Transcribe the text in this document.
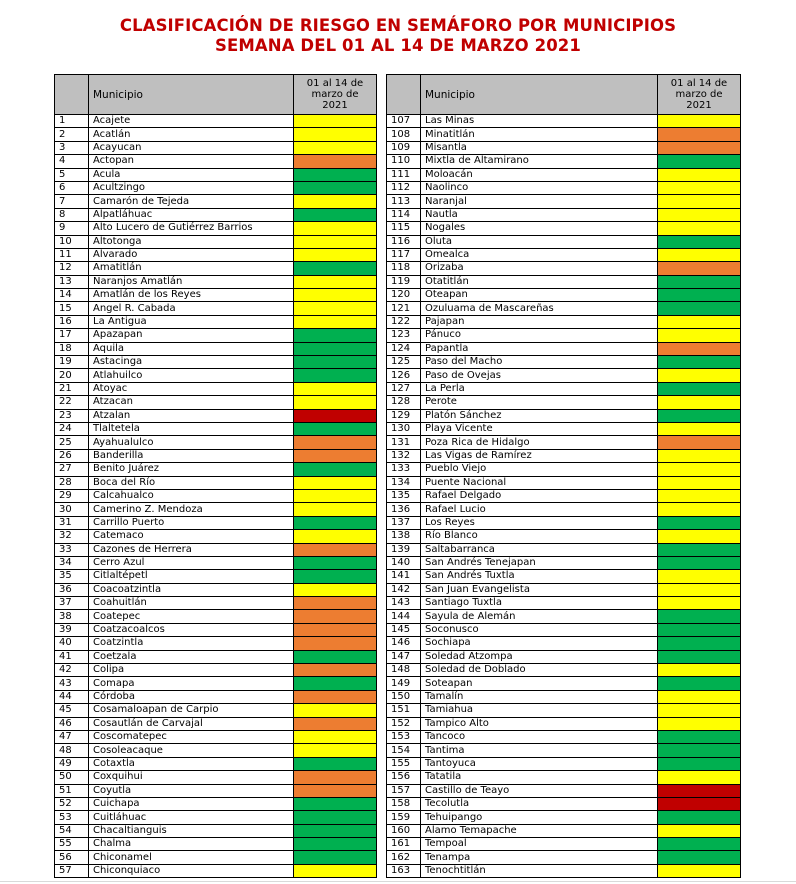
CLASIFICACIÓN DE RIESGO EN SEMÁFORO POR MUNICIPIOS
SEMANA DEL 01 AL 14 DE MARZO 2021
	Municipio	01 al 14 de
marzo de
2021
1	Acajete	
2	Acatlán	
3	Acayucan	
4	Actopan	
5	Acula	
6	Acultzingo	
7	Camarón de Tejeda	
8	Alpatláhuac	
9	Alto Lucero de Gutiérrez Barrios	
10	Altotonga	
11	Alvarado	
12	Amatitlán	
13	Naranjos Amatlán	
14	Amatlán de los Reyes	
15	Angel R. Cabada	
16	La Antigua	
17	Apazapan	
18	Aquila	
19	Astacinga	
20	Atlahuilco	
21	Atoyac	
22	Atzacan	
23	Atzalan	
24	Tlaltetela	
25	Ayahualulco	
26	Banderilla	
27	Benito Juárez	
28	Boca del Río	
29	Calcahualco	
30	Camerino Z. Mendoza	
31	Carrillo Puerto	
32	Catemaco	
33	Cazones de Herrera	
34	Cerro Azul	
35	Citlaltépetl	
36	Coacoatzintla	
37	Coahuitlán	
38	Coatepec	
39	Coatzacoalcos	
40	Coatzintla	
41	Coetzala	
42	Colipa	
43	Comapa	
44	Córdoba	
45	Cosamaloapan de Carpio	
46	Cosautlán de Carvajal	
47	Coscomatepec	
48	Cosoleacaque	
49	Cotaxtla	
50	Coxquihui	
51	Coyutla	
52	Cuichapa	
53	Cuitláhuac	
54	Chacaltianguis	
55	Chalma	
56	Chiconamel	
57	Chiconquiaco	
	Municipio	01 al 14 de
marzo de
2021
107	Las Minas	
108	Minatitlán	
109	Misantla	
110	Mixtla de Altamirano	
111	Moloacán	
112	Naolinco	
113	Naranjal	
114	Nautla	
115	Nogales	
116	Oluta	
117	Omealca	
118	Orizaba	
119	Otatitlán	
120	Oteapan	
121	Ozuluama de Mascareñas	
122	Pajapan	
123	Pánuco	
124	Papantla	
125	Paso del Macho	
126	Paso de Ovejas	
127	La Perla	
128	Perote	
129	Platón Sánchez	
130	Playa Vicente	
131	Poza Rica de Hidalgo	
132	Las Vigas de Ramírez	
133	Pueblo Viejo	
134	Puente Nacional	
135	Rafael Delgado	
136	Rafael Lucio	
137	Los Reyes	
138	Río Blanco	
139	Saltabarranca	
140	San Andrés Tenejapan	
141	San Andrés Tuxtla	
142	San Juan Evangelista	
143	Santiago Tuxtla	
144	Sayula de Alemán	
145	Soconusco	
146	Sochiapa	
147	Soledad Atzompa	
148	Soledad de Doblado	
149	Soteapan	
150	Tamalín	
151	Tamiahua	
152	Tampico Alto	
153	Tancoco	
154	Tantima	
155	Tantoyuca	
156	Tatatila	
157	Castillo de Teayo	
158	Tecolutla	
159	Tehuipango	
160	Alamo Temapache	
161	Tempoal	
162	Tenampa	
163	Tenochtitlán	
